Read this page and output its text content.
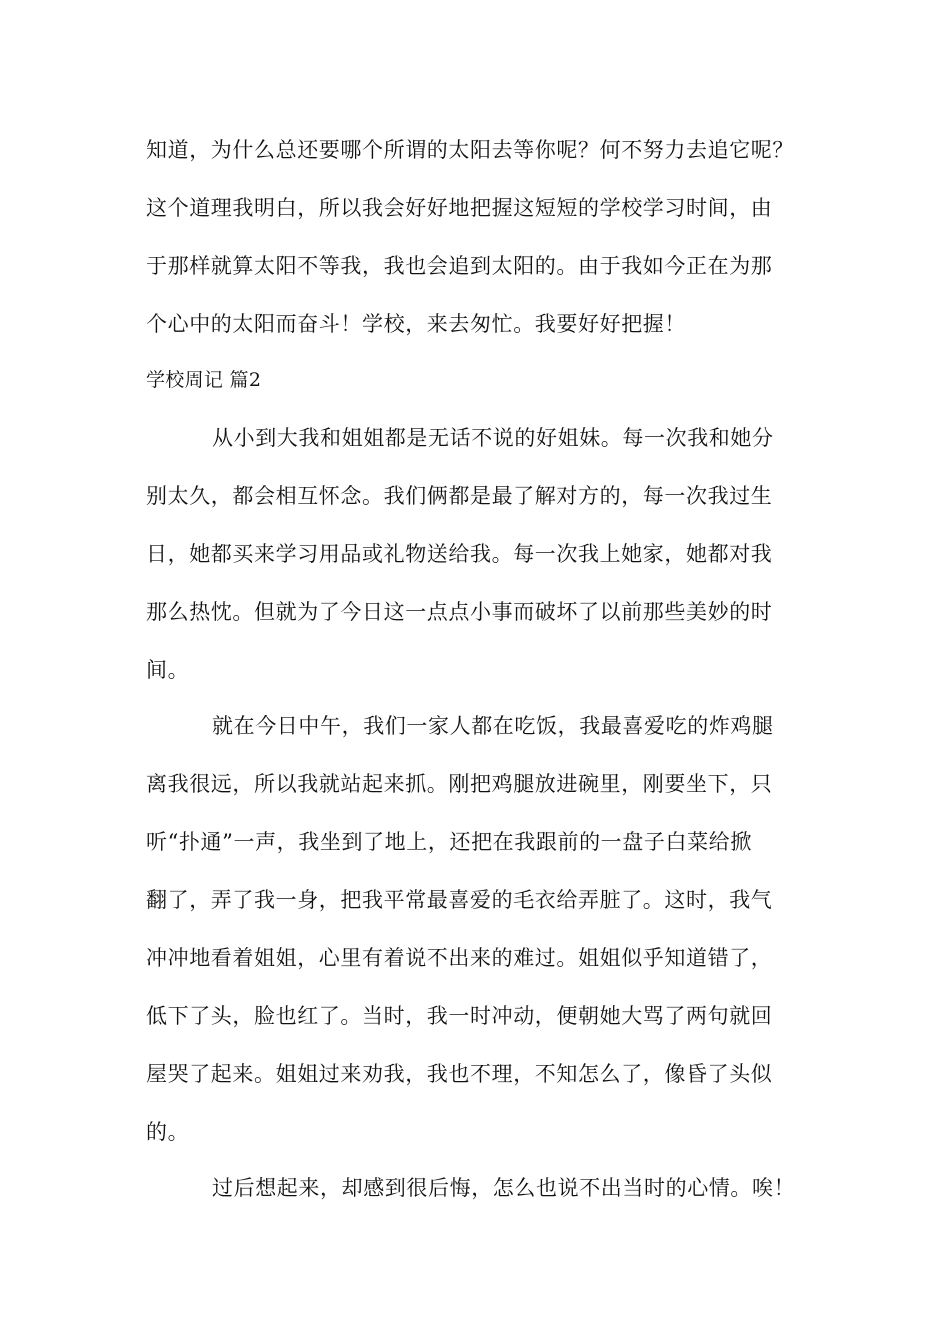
知道，为什么总还要哪个所谓的太阳去等你呢？何不努力去追它呢？
这个道理我明白，所以我会好好地把握这短短的学校学习时间，由
于那样就算太阳不等我，我也会追到太阳的。由于我如今正在为那
个心中的太阳而奋斗！学校，来去匆忙。我要好好把握！
学校周记 篇2
从小到大我和姐姐都是无话不说的好姐妹。每一次我和她分
别太久，都会相互怀念。我们俩都是最了解对方的，每一次我过生
日，她都买来学习用品或礼物送给我。每一次我上她家，她都对我
那么热忱。但就为了今日这一点点小事而破坏了以前那些美妙的时
间。
就在今日中午，我们一家人都在吃饭，我最喜爱吃的炸鸡腿
离我很远，所以我就站起来抓。刚把鸡腿放进碗里，刚要坐下，只
听“扑通”一声，我坐到了地上，还把在我跟前的一盘子白菜给掀
翻了，弄了我一身，把我平常最喜爱的毛衣给弄脏了。这时，我气
冲冲地看着姐姐，心里有着说不出来的难过。姐姐似乎知道错了，
低下了头，脸也红了。当时，我一时冲动，便朝她大骂了两句就回
屋哭了起来。姐姐过来劝我，我也不理，不知怎么了，像昏了头似
的。
过后想起来，却感到很后悔，怎么也说不出当时的心情。唉！
